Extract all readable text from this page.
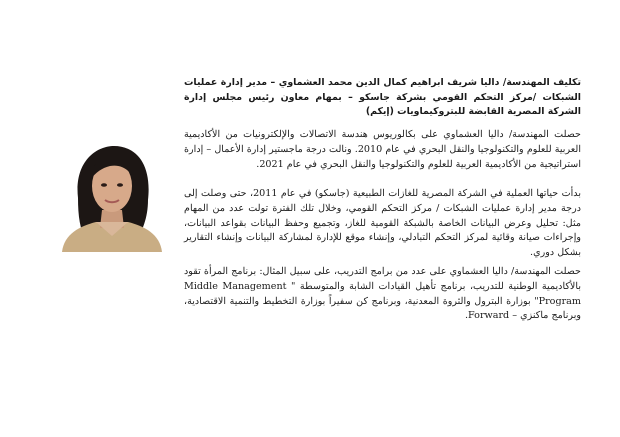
تكليف المهندسة/ داليا شريف ابراهيم كمال الدين محمد العشماوي – مدير إدارة عمليات الشبكات /مركز التحكم القومي بشركة جاسكو – بمهام معاون رئيس مجلس إدارة الشركة المصرية القابضة للبتروكيماويات (إيكم)

حصلت المهندسة/ داليا العشماوي على بكالوريوس هندسة الاتصالات والإلكترونيات من الأكاديمية العربية للعلوم والتكنولوجيا والنقل البحري في عام 2010. ونالت درجة ماجستير إدارة الأعمال – إدارة استراتيجية من الأكاديمية العربية للعلوم والتكنولوجيا والنقل البحري في عام 2021.

بدأت حياتها العملية في الشركة المصرية للغازات الطبيعية (جاسكو) في عام 2011، حتى وصلت إلى درجة مدير إدارة عمليات الشبكات / مركز التحكم القومي، وخلال تلك الفترة تولت عدد من المهام مثل: تحليل وعرض البيانات الخاصة بالشبكة القومية للغاز، وتجميع وحفظ البيانات بقواعد البيانات، وإجراءات صيانة وقائية لمركز التحكم التبادلي، وإنشاء موقع للإدارة لمشاركة البيانات وإنشاء التقارير بشكل دوري.

حصلت المهندسة/ داليا العشماوي على عدد من برامج التدريب، على سبيل المثال: برنامج المرأة تقود بالأكاديمية الوطنية للتدريب، برنامج تأهيل القيادات الشابة والمتوسطة " Middle Management Program" بوزارة البترول والثروة المعدنية، وبرنامج كن سفيراً بوزارة التخطيط والتنمية الاقتصادية، وبرنامج ماكنزي – Forward.
